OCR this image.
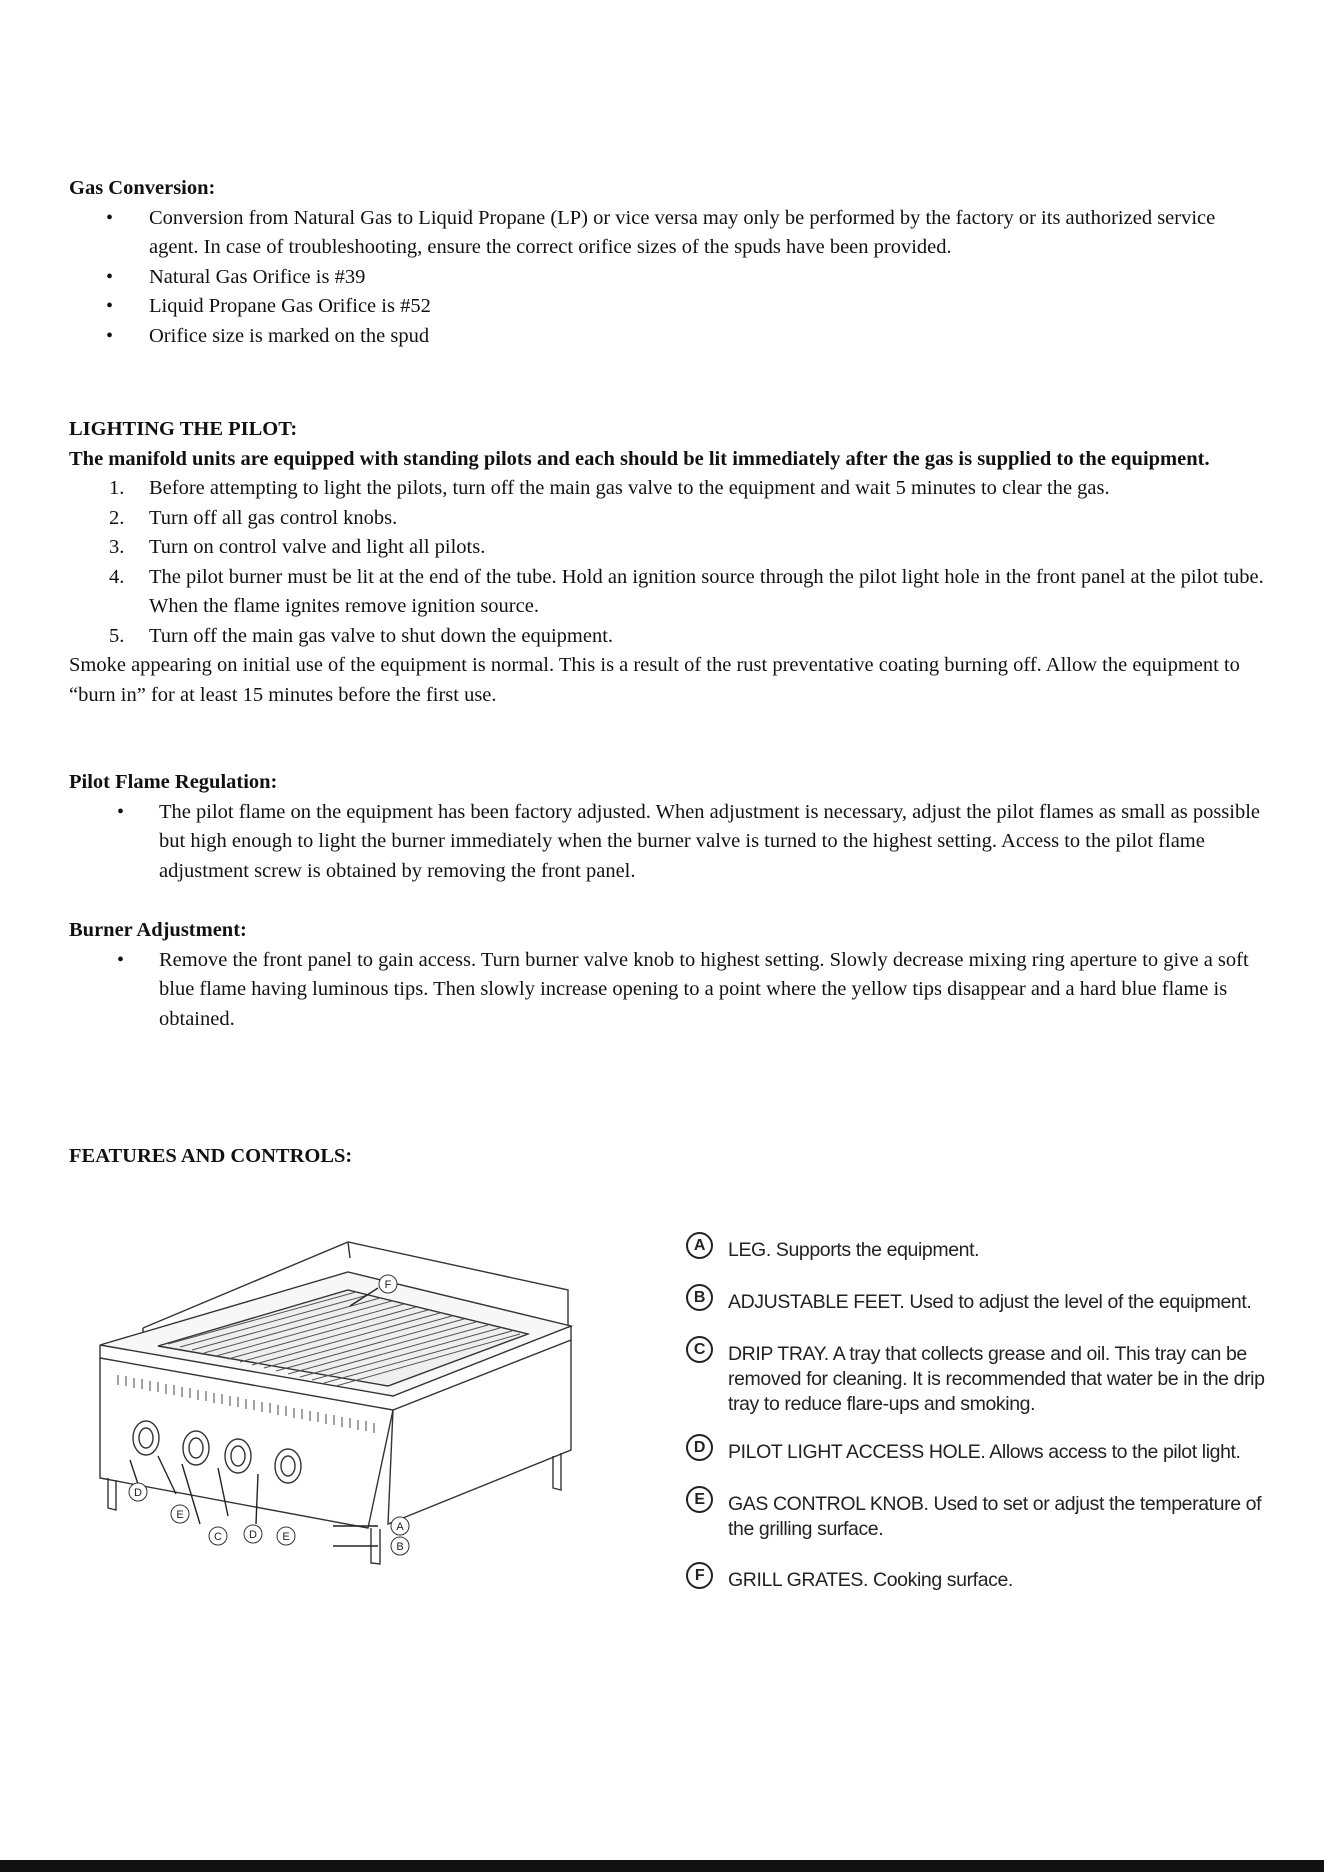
Gas Conversion:
• Conversion from Natural Gas to Liquid Propane (LP) or vice versa may only be performed by the factory or its authorized service agent. In case of troubleshooting, ensure the correct orifice sizes of the spuds have been provided.
• Natural Gas Orifice is #39
• Liquid Propane Gas Orifice is #52
• Orifice size is marked on the spud
LIGHTING THE PILOT:
The manifold units are equipped with standing pilots and each should be lit immediately after the gas is supplied to the equipment.
1.	Before attempting to light the pilots, turn off the main gas valve to the equipment and wait 5 minutes to clear the gas.
2.	Turn off all gas control knobs.
3.	Turn on control valve and light all pilots.
4.	The pilot burner must be lit at the end of the tube. Hold an ignition source through the pilot light hole in the front panel at the pilot tube. When the flame ignites remove ignition source.
5.	Turn off the main gas valve to shut down the equipment.
Smoke appearing on initial use of the equipment is normal. This is a result of the rust preventative coating burning off. Allow the equipment to “burn in” for at least 15 minutes before the first use.
Pilot Flame Regulation:
• The pilot flame on the equipment has been factory adjusted. When adjustment is necessary, adjust the pilot flames as small as possible but high enough to light the burner immediately when the burner valve is turned to the highest setting. Access to the pilot flame adjustment screw is obtained by removing the front panel.
Burner Adjustment:
• Remove the front panel to gain access. Turn burner valve knob to highest setting. Slowly decrease mixing ring aperture to give a soft blue flame having luminous tips. Then slowly increase opening to a point where the yellow tips disappear and a hard blue flame is obtained.
FEATURES AND CONTROLS:
F
A
B
D
E
C D E
A	LEG. Supports the equipment.
B	ADJUSTABLE FEET. Used to adjust the level of the equipment.
C	DRIP TRAY. A tray that collects grease and oil. This tray can be removed for cleaning. It is recommended that water be in the drip tray to reduce flare-ups and smoking.
D	PILOT LIGHT ACCESS HOLE. Allows access to the pilot light.
E	GAS CONTROL KNOB. Used to set or adjust the temperature of the grilling surface.
F	GRILL GRATES. Cooking surface.
